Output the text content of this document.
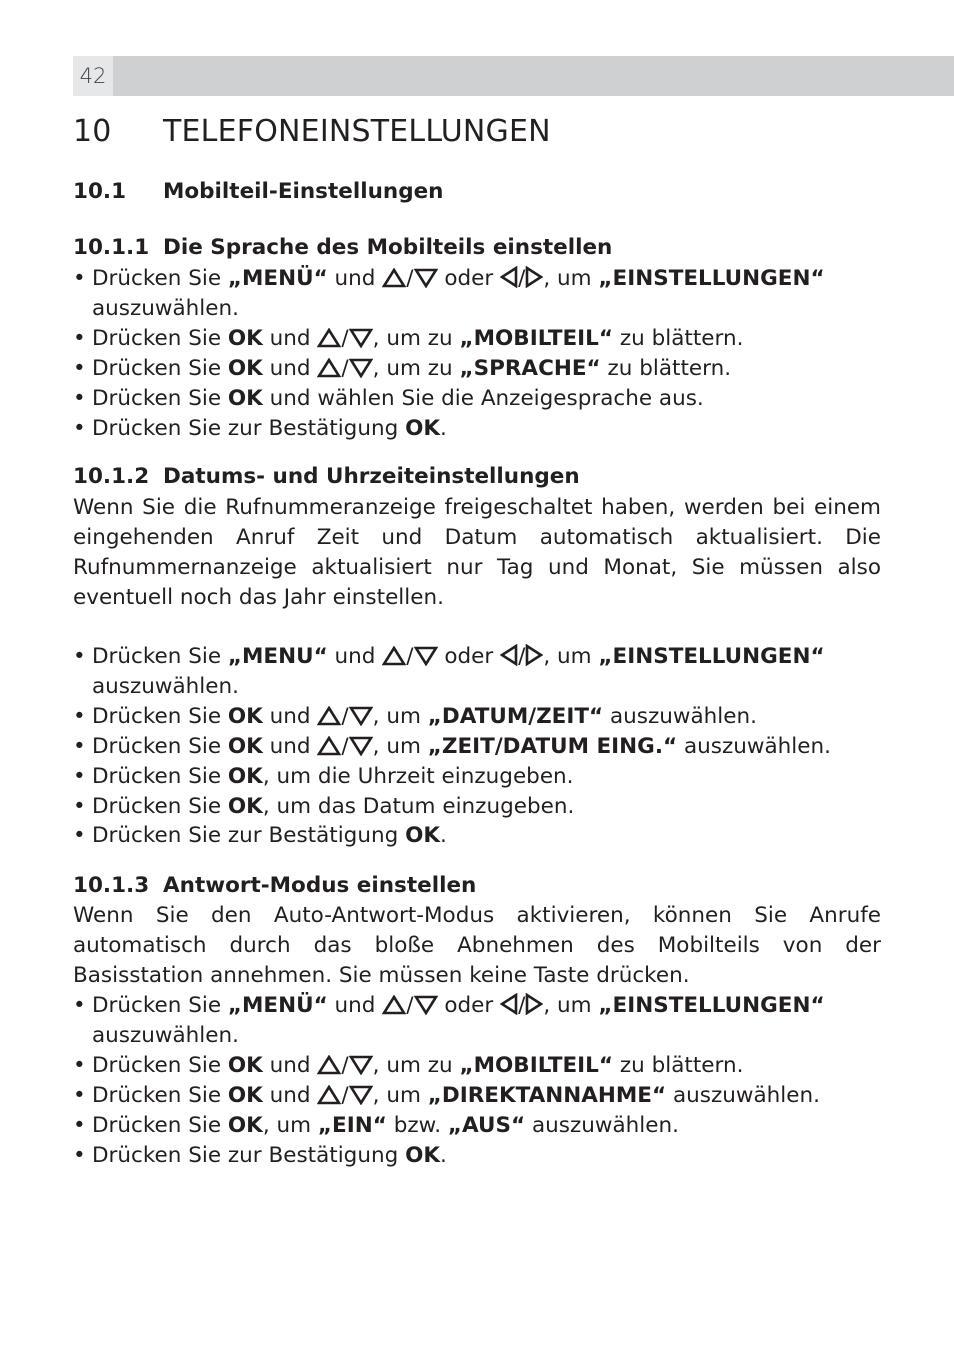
42
10 TELEFONEINSTELLUNGEN
10.1 Mobilteil-Einstellungen
10.1.1 Die Sprache des Mobilteils einstellen
• Drücken Sie „MENÜ“ und
/
oder
/ , um „EINSTELLUNGEN“ auszuwählen.
• Drücken Sie OK und
/ , um zu „MOBILTEIL“ zu blättern.
• Drücken Sie OK und
/ , um zu „SPRACHE“ zu blättern.
• Drücken Sie OK und wählen Sie die Anzeigesprache aus.
• Drücken Sie zur Bestätigung OK.
10.1.2 Datums- und Uhrzeiteinstellungen

Wenn Sie die Rufnummeranzeige freigeschaltet haben, werden bei einem eingehenden Anruf Zeit und Datum automatisch aktualisiert. Die Rufnummernanzeige aktualisiert nur Tag und Monat, Sie müssen also eventuell noch das Jahr einstellen.

• Drücken Sie „MENU“ und
/
oder
/ , um „EINSTELLUNGEN“ auszuwählen.
• Drücken Sie OK und
/ , um „DATUM/ZEIT“ auszuwählen.
• Drücken Sie OK und
/ , um „ZEIT/DATUM EING.“ auszuwählen.
• Drücken Sie OK, um die Uhrzeit einzugeben.
• Drücken Sie OK, um das Datum einzugeben.
• Drücken Sie zur Bestätigung OK.
10.1.3 Antwort-Modus einstellen

Wenn Sie den Auto-Antwort-Modus aktivieren, können Sie Anrufe automatisch durch das bloße Abnehmen des Mobilteils von der Basisstation annehmen. Sie müssen keine Taste drücken.

• Drücken Sie „MENÜ“ und
/
oder
/ , um „EINSTELLUNGEN“ auszuwählen.
• Drücken Sie OK und
/ , um zu „MOBILTEIL“ zu blättern.
• Drücken Sie OK und
/ , um „DIREKTANNAHME“ auszuwählen.
• Drücken Sie OK, um „EIN“ bzw. „AUS“ auszuwählen.
• Drücken Sie zur Bestätigung OK.
